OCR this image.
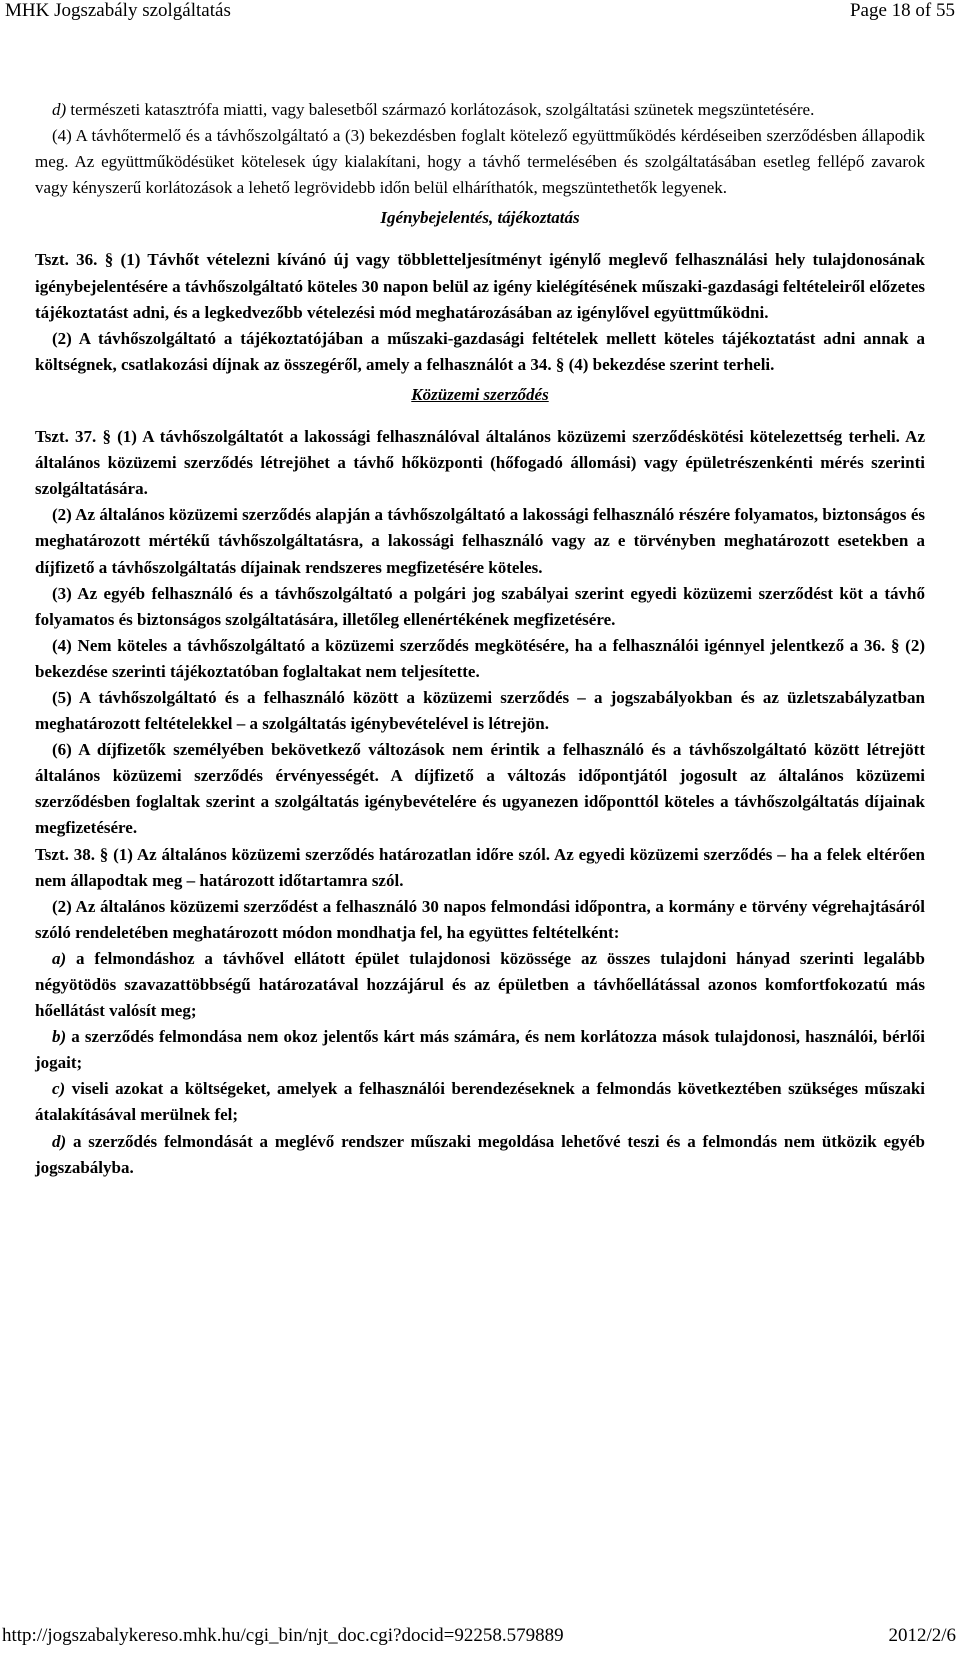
MHK Jogszabály szolgáltatás	Page 18 of 55

d) természeti katasztrófa miatti, vagy balesetből származó korlátozások, szolgáltatási szünetek megszüntetésére.

(4) A távhőtermelő és a távhőszolgáltató a (3) bekezdésben foglalt kötelező együttműködés kérdéseiben szerződésben állapodik meg. Az együttműködésüket kötelesek úgy kialakítani, hogy a távhő termelésében és szolgáltatásában esetleg fellépő zavarok vagy kényszerű korlátozások a lehető legrövidebb időn belül elháríthatók, megszüntethetők legyenek.

Igénybejelentés, tájékoztatás

Tszt. 36. § (1) Távhőt vételezni kívánó új vagy többletteljesítményt igénylő meglevő felhasználási hely tulajdonosának igénybejelentésére a távhőszolgáltató köteles 30 napon belül az igény kielégítésének műszaki-gazdasági feltételeiről előzetes tájékoztatást adni, és a legkedvezőbb vételezési mód meghatározásában az igénylővel együttműködni.

(2) A távhőszolgáltató a tájékoztatójában a műszaki-gazdasági feltételek mellett köteles tájékoztatást adni annak a költségnek, csatlakozási díjnak az összegéről, amely a felhasználót a 34. § (4) bekezdése szerint terheli.

Közüzemi szerződés

Tszt. 37. § (1) A távhőszolgáltatót a lakossági felhasználóval általános közüzemi szerződéskötési kötelezettség terheli. Az általános közüzemi szerződés létrejöhet a távhő hőközponti (hőfogadó állomási) vagy épületrészenkénti mérés szerinti szolgáltatására.

(2) Az általános közüzemi szerződés alapján a távhőszolgáltató a lakossági felhasználó részére folyamatos, biztonságos és meghatározott mértékű távhőszolgáltatásra, a lakossági felhasználó vagy az e törvényben meghatározott esetekben a díjfizető a távhőszolgáltatás díjainak rendszeres megfizetésére köteles.

(3) Az egyéb felhasználó és a távhőszolgáltató a polgári jog szabályai szerint egyedi közüzemi szerződést köt a távhő folyamatos és biztonságos szolgáltatására, illetőleg ellenértékének megfizetésére.

(4) Nem köteles a távhőszolgáltató a közüzemi szerződés megkötésére, ha a felhasználói igénnyel jelentkező a 36. § (2) bekezdése szerinti tájékoztatóban foglaltakat nem teljesítette.

(5) A távhőszolgáltató és a felhasználó között a közüzemi szerződés – a jogszabályokban és az üzletszabályzatban meghatározott feltételekkel – a szolgáltatás igénybevételével is létrejön.

(6) A díjfizetők személyében bekövetkező változások nem érintik a felhasználó és a távhőszolgáltató között létrejött általános közüzemi szerződés érvényességét. A díjfizető a változás időpontjától jogosult az általános közüzemi szerződésben foglaltak szerint a szolgáltatás igénybevételére és ugyanezen időponttól köteles a távhőszolgáltatás díjainak megfizetésére.

Tszt. 38. § (1) Az általános közüzemi szerződés határozatlan időre szól. Az egyedi közüzemi szerződés – ha a felek eltérően nem állapodtak meg – határozott időtartamra szól.

(2) Az általános közüzemi szerződést a felhasználó 30 napos felmondási időpontra, a kormány e törvény végrehajtásáról szóló rendeletében meghatározott módon mondhatja fel, ha együttes feltételként:

a) a felmondáshoz a távhővel ellátott épület tulajdonosi közössége az összes tulajdoni hányad szerinti legalább négyötödös szavazattöbbségű határozatával hozzájárul és az épületben a távhőellátással azonos komfortfokozatú más hőellátást valósít meg;

b) a szerződés felmondása nem okoz jelentős kárt más számára, és nem korlátozza mások tulajdonosi, használói, bérlői jogait;

c) viseli azokat a költségeket, amelyek a felhasználói berendezéseknek a felmondás következtében szükséges műszaki átalakításával merülnek fel;

d) a szerződés felmondását a meglévő rendszer műszaki megoldása lehetővé teszi és a felmondás nem ütközik egyéb jogszabályba.

http://jogszabalykereso.mhk.hu/cgi_bin/njt_doc.cgi?docid=92258.579889	2012/2/6
